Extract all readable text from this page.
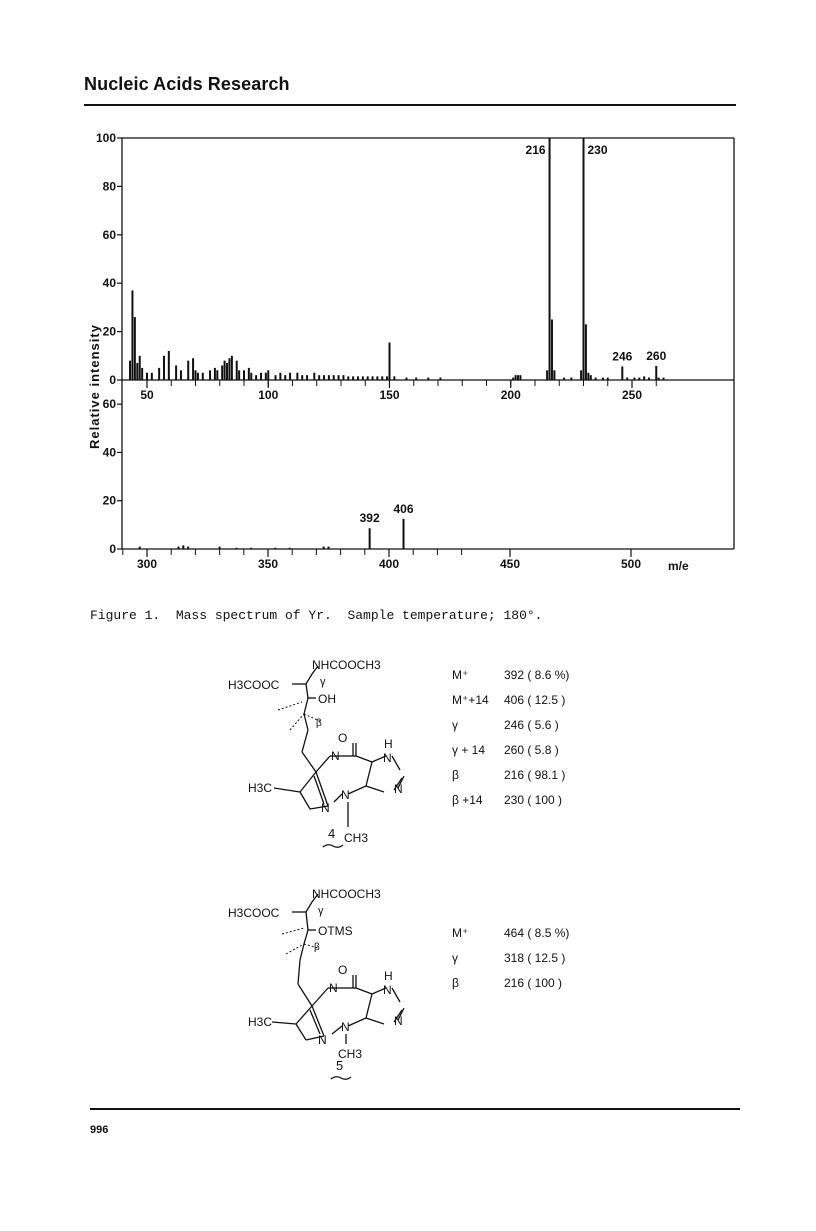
Nucleic Acids Research
Relative intensity 0
20
40
60
80
100
50	100	150	200	250
216	230
246 260
0
20
40
60
300	350	400	450	500
392
406
m/e
Figure 1.  Mass spectrum of Yr.  Sample temperature; 180°.
H3COOC
NHCOOCH3
OH
γ
β
O	H
H3C
CH3
N	N
N
N
N
4
M⁺	392 ( 8.6 %)
M⁺+14 406 ( 12.5 )
γ	246 ( 5.6 )
γ + 14 260 ( 5.8 )
β	216 ( 98.1 )
β +14 230 ( 100 )
H3COOC
NHCOOCH3
OTMS
γ
β
O	H
H3C
CH3
N	N
N
N
N
5
M⁺	464 ( 8.5 %)
γ	318 ( 12.5 )
β	216 ( 100 )
996
